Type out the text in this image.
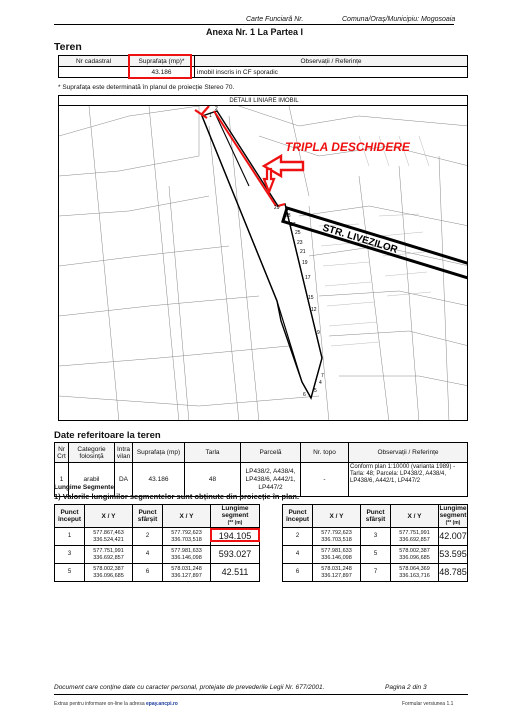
Carte Funciară Nr.	Comuna/Oraș/Municipiu: Mogosoaia
Anexa Nr. 1 La Partea I
Teren
Nr cadastral	Suprafața (mp)*	Observații / Referințe
	43.186	imobil inscris in CF sporadic
* Suprafața este determinată în planul de proiecție Stereo 70.
TRIPLA DESCHIDERE
STR. LIVEZILOR
1
2
7
6
5
4
9
12
15
17
19
21
23
25
27
28
29
DETALII LINIARE IMOBIL
Date referitoare la teren
Nr Crt	Categorie folosință	Intra vilan	Suprafața (mp)	Tarla	Parcelă	Nr. topo	Observații / Referințe
1	arabil	DA	43.186	48	LP438/2, A438/4, LP438/6, A442/1, LP447/2	-	Conform plan 1:10000 (varianta 1989) - Tarla: 48; Parcela: LP438/2, A438/4, LP438/6, A442/1, LP447/2
Lungime Segmente
1) Valorile lungimilor segmentelor sunt obținute din proiecție în plan.
Punct început	X / Y	Punct sfârșit	X / Y	Lungime segment
(** (m)
1	577.867,463
336.524,421	2	577.792,623
336.703,518	194.105
3	577.751,991
336.692,857	4	577.981,633
336.146,098	593.027
5	578.002,387
336.096,685	6	578.031,248
336.127,897	42.511
Punct început	X / Y	Punct sfârșit	X / Y	Lungime segment
(** (m)
2	577.792,623
336.703,518	3	577.751,991
336.692,857	42.007
4	577.981,633
336.146,098	5	578.002,387
336.096,685	53.595
6	578.031,248
336.127,897	7	578.064,369
336.163,716	48.785
Document care conține date cu caracter personal, protejate de prevederile Legii Nr. 677/2001.	Pagina 2 din 3
Extras pentru informare on-line la adresa epay.ancpi.ro	Formular versiunea 1.1
